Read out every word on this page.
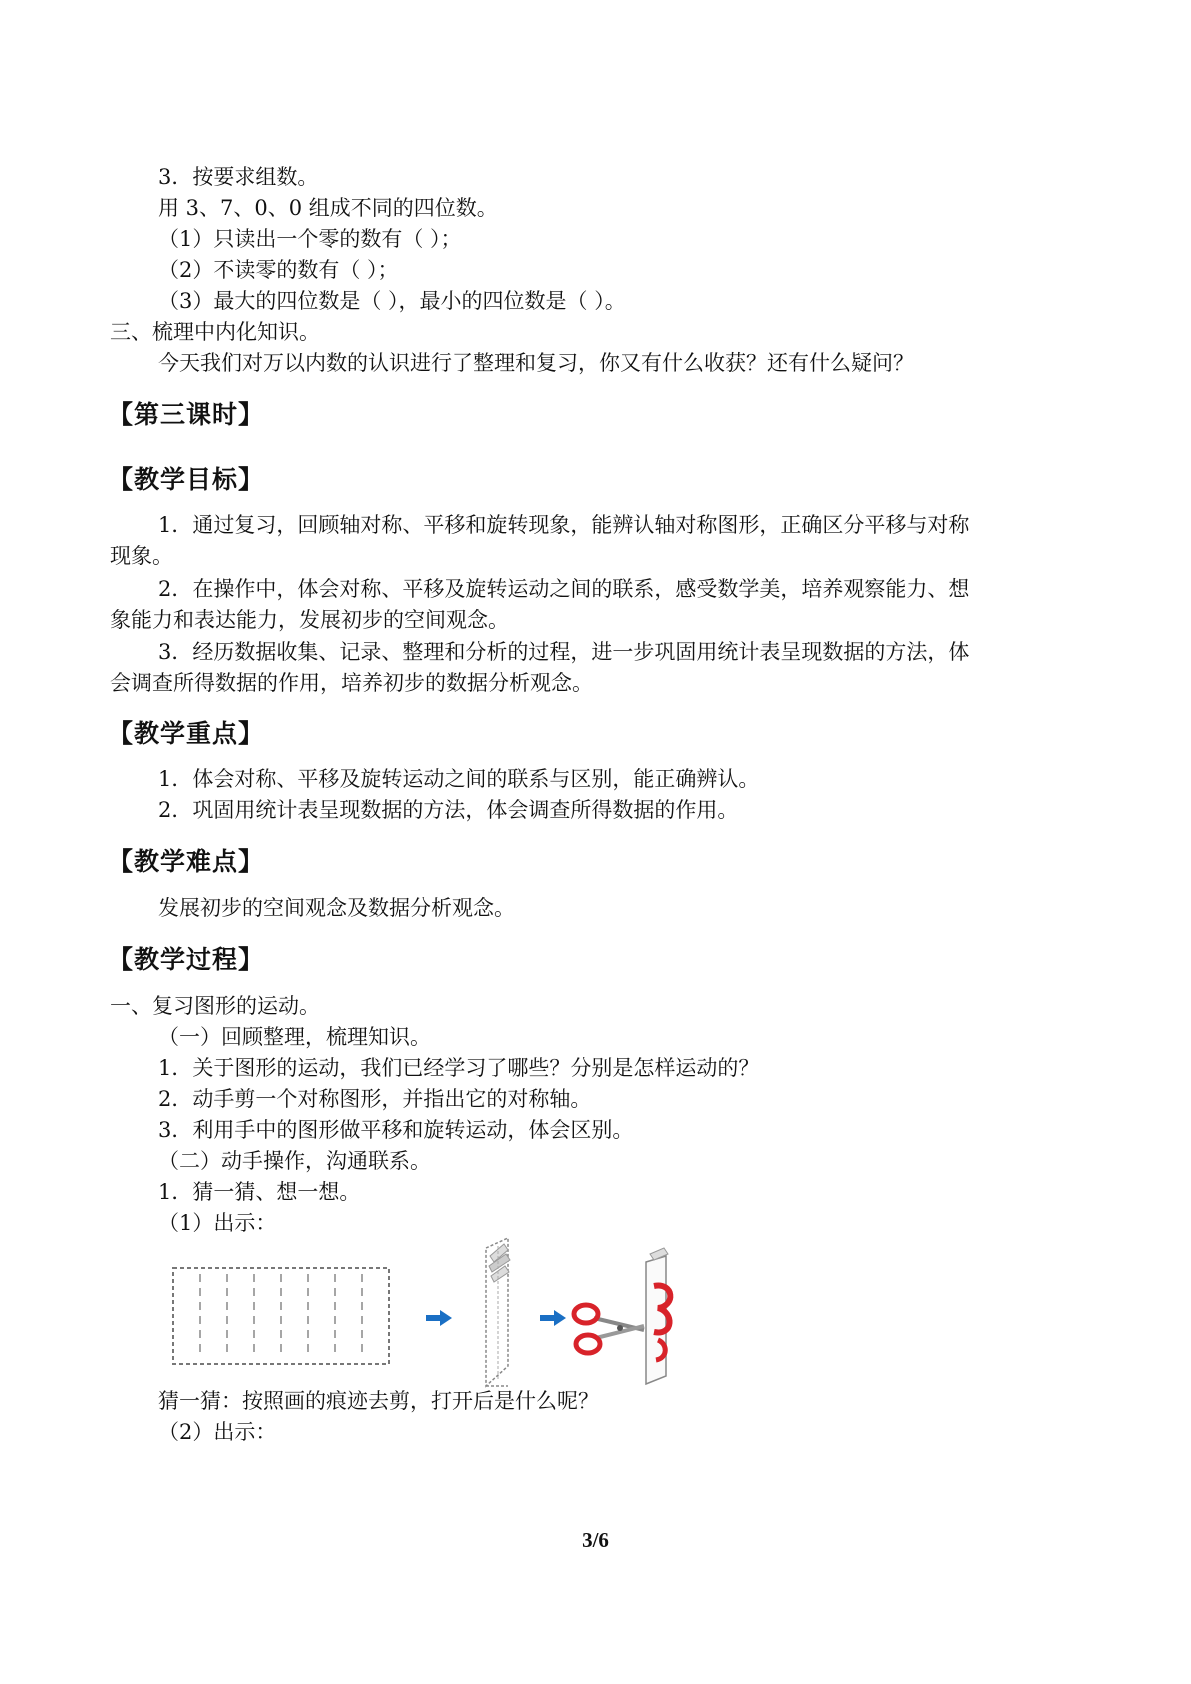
3．按要求组数。
用 3、7、0、0 组成不同的四位数。
（1）只读出一个零的数有（ ）；
（2）不读零的数有（ ）；
（3）最大的四位数是（ ），最小的四位数是（ ）。
三、梳理中内化知识。
今天我们对万以内数的认识进行了整理和复习，你又有什么收获？还有什么疑问？
【第三课时】
【教学目标】
1．通过复习，回顾轴对称、平移和旋转现象，能辨认轴对称图形，正确区分平移与对称
现象。
2．在操作中，体会对称、平移及旋转运动之间的联系，感受数学美，培养观察能力、想
象能力和表达能力，发展初步的空间观念。
3．经历数据收集、记录、整理和分析的过程，进一步巩固用统计表呈现数据的方法，体
会调查所得数据的作用，培养初步的数据分析观念。
【教学重点】
1．体会对称、平移及旋转运动之间的联系与区别，能正确辨认。
2．巩固用统计表呈现数据的方法，体会调查所得数据的作用。
【教学难点】
发展初步的空间观念及数据分析观念。
【教学过程】
一、复习图形的运动。
（一）回顾整理，梳理知识。
1．关于图形的运动，我们已经学习了哪些？分别是怎样运动的？
2．动手剪一个对称图形，并指出它的对称轴。
3．利用手中的图形做平移和旋转运动，体会区别。
（二）动手操作，沟通联系。
1．猜一猜、想一想。
（1）出示：
猜一猜：按照画的痕迹去剪，打开后是什么呢？
（2）出示：
3/6
